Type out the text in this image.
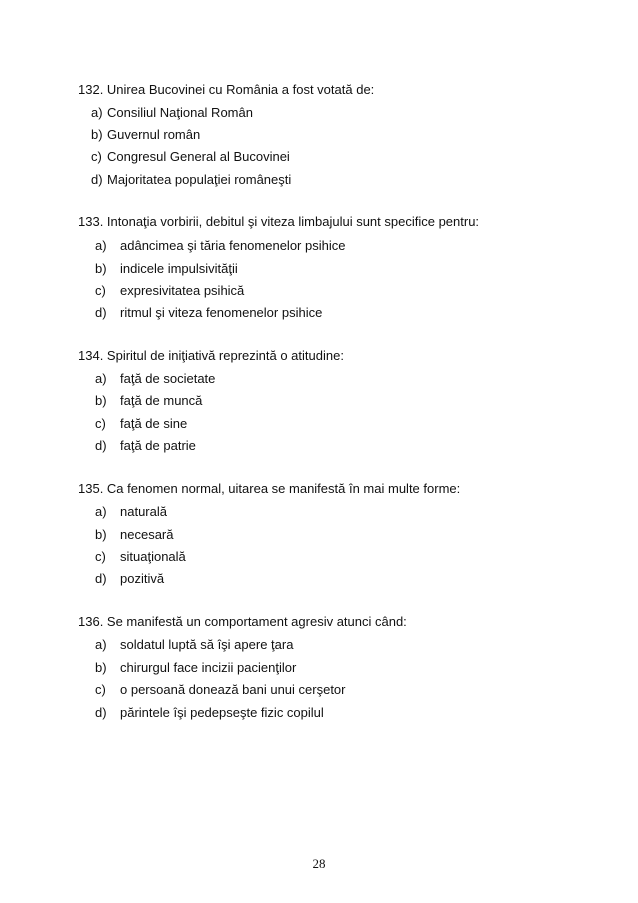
132. Unirea Bucovinei cu România a fost votată de:
a) Consiliul Naţional Român
b) Guvernul român
c) Congresul General al Bucovinei
d) Majoritatea populaţiei româneşti
133. Intonaţia vorbirii, debitul şi viteza limbajului sunt specifice pentru:
a) adâncimea şi tăria fenomenelor psihice
b) indicele impulsivităţii
c) expresivitatea psihică
d) ritmul şi viteza fenomenelor psihice
134. Spiritul de iniţiativă reprezintă o atitudine:
a) faţă de societate
b) faţă de muncă
c) faţă de sine
d) faţă de patrie
135. Ca fenomen normal, uitarea se manifestă în mai multe forme:
a) naturală
b) necesară
c) situaţională
d) pozitivă
136. Se manifestă un comportament agresiv atunci când:
a) soldatul luptă să îşi apere ţara
b) chirurgul face incizii pacienţilor
c) o persoană donează bani unui cerşetor
d) părintele îşi pedepseşte fizic copilul
28
